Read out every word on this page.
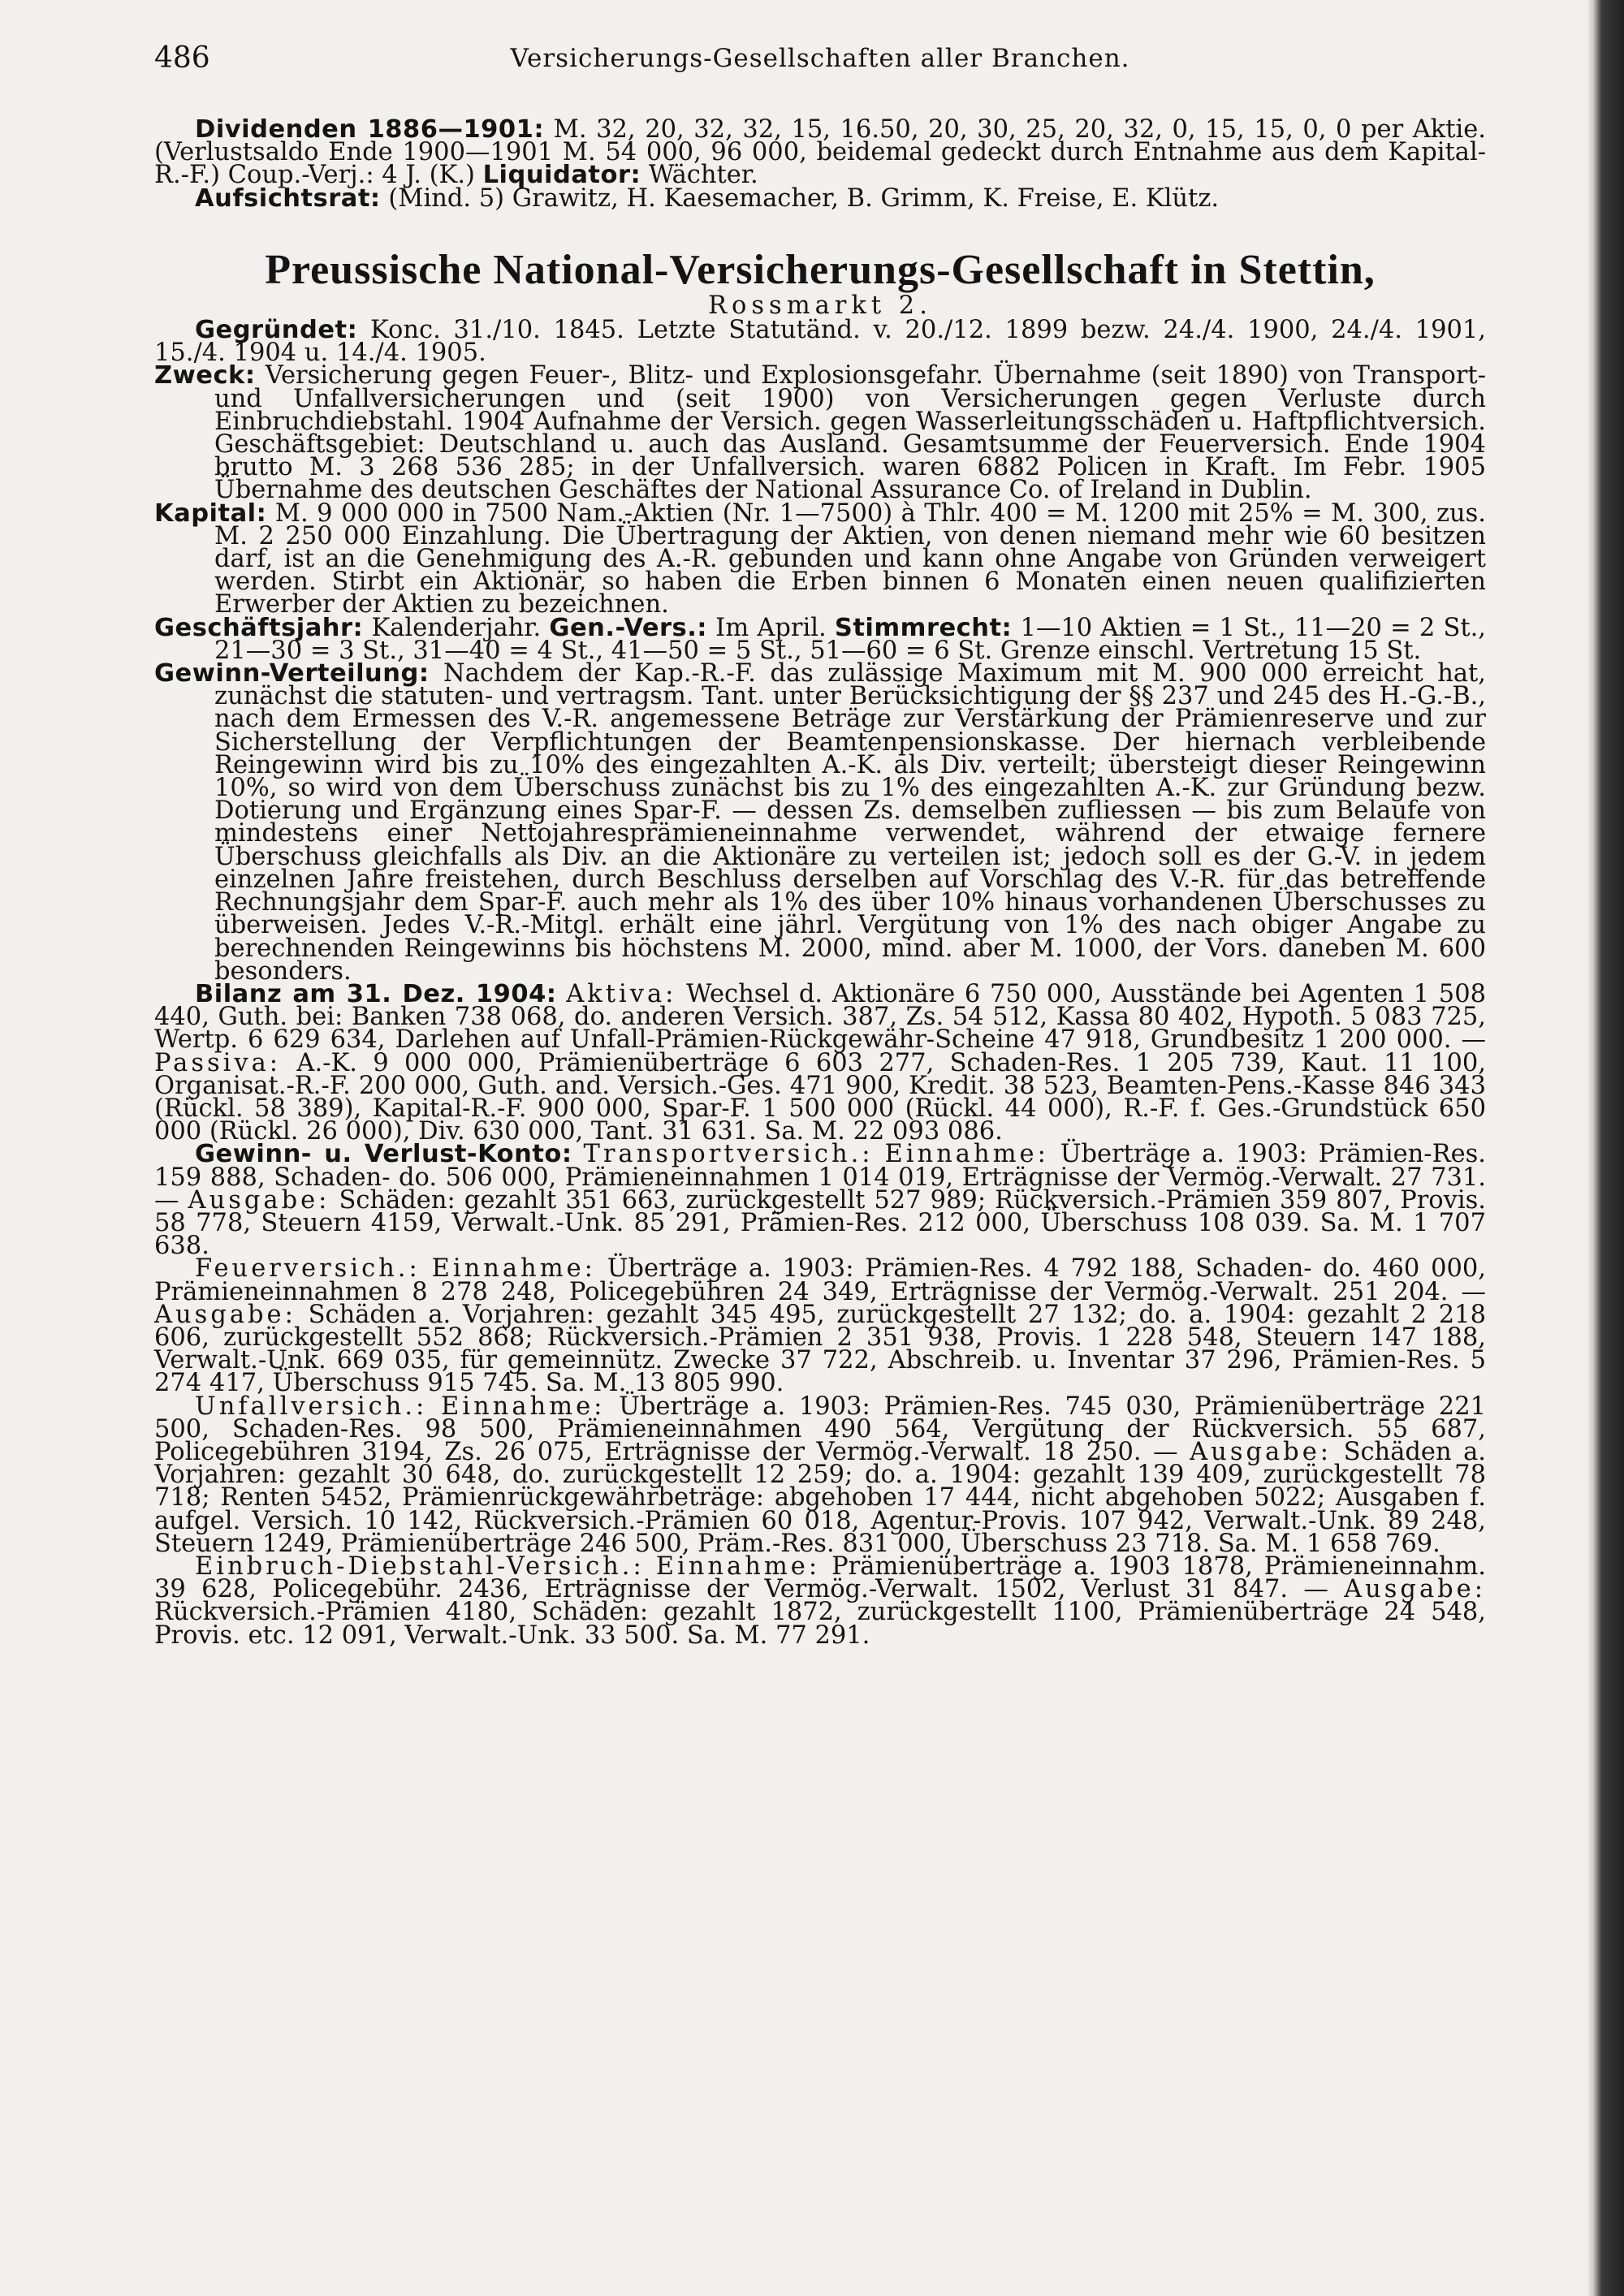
486	Versicherungs-Gesellschaften aller Branchen.

Dividenden 1886—1901: M. 32, 20, 32, 32, 15, 16.50, 20, 30, 25, 20, 32, 0, 15, 15, 0, 0 per Aktie. (Verlustsaldo Ende 1900—1901 M. 54 000, 96 000, beidemal gedeckt durch Entnahme aus dem Kapital-R.-F.) Coup.-Verj.: 4 J. (K.) Liquidator: Wächter.

Aufsichtsrat: (Mind. 5) Grawitz, H. Kaesemacher, B. Grimm, K. Freise, E. Klütz.

Preussische National-Versicherungs-Gesellschaft in Stettin,
Rossmarkt 2.

Gegründet: Konc. 31./10. 1845. Letzte Statutänd. v. 20./12. 1899 bezw. 24./4. 1900, 24./4. 1901, 15./4. 1904 u. 14./4. 1905.

Zweck: Versicherung gegen Feuer-, Blitz- und Explosionsgefahr. Übernahme (seit 1890) von Transport- und Unfallversicherungen und (seit 1900) von Versicherungen gegen Verluste durch Einbruchdiebstahl. 1904 Aufnahme der Versich. gegen Wasserleitungsschäden u. Haftpflichtversich. Geschäftsgebiet: Deutschland u. auch das Ausland. Gesamtsumme der Feuerversich. Ende 1904 brutto M. 3 268 536 285; in der Unfallversich. waren 6882 Policen in Kraft. Im Febr. 1905 Übernahme des deutschen Geschäftes der National Assurance Co. of Ireland in Dublin.

Kapital: M. 9 000 000 in 7500 Nam.-Aktien (Nr. 1—7500) à Thlr. 400 = M. 1200 mit 25% = M. 300, zus. M. 2 250 000 Einzahlung. Die Übertragung der Aktien, von denen niemand mehr wie 60 besitzen darf, ist an die Genehmigung des A.-R. gebunden und kann ohne Angabe von Gründen verweigert werden. Stirbt ein Aktionär, so haben die Erben binnen 6 Monaten einen neuen qualifizierten Erwerber der Aktien zu bezeichnen.

Geschäftsjahr: Kalenderjahr. Gen.-Vers.: Im April. Stimmrecht: 1—10 Aktien = 1 St., 11—20 = 2 St., 21—30 = 3 St., 31—40 = 4 St., 41—50 = 5 St., 51—60 = 6 St. Grenze einschl. Vertretung 15 St.

Gewinn-Verteilung: Nachdem der Kap.-R.-F. das zulässige Maximum mit M. 900 000 erreicht hat, zunächst die statuten- und vertragsm. Tant. unter Berücksichtigung der §§ 237 und 245 des H.-G.-B., nach dem Ermessen des V.-R. angemessene Beträge zur Verstärkung der Prämienreserve und zur Sicherstellung der Verpflichtungen der Beamtenpensionskasse. Der hiernach verbleibende Reingewinn wird bis zu 10% des eingezahlten A.-K. als Div. verteilt; übersteigt dieser Reingewinn 10%, so wird von dem Überschuss zunächst bis zu 1% des eingezahlten A.-K. zur Gründung bezw. Dotierung und Ergänzung eines Spar-F. — dessen Zs. demselben zufliessen — bis zum Belaufe von mindestens einer Nettojahresprämieneinnahme verwendet, während der etwaige fernere Überschuss gleichfalls als Div. an die Aktionäre zu verteilen ist; jedoch soll es der G.-V. in jedem einzelnen Jahre freistehen, durch Beschluss derselben auf Vorschlag des V.-R. für das betreffende Rechnungsjahr dem Spar-F. auch mehr als 1% des über 10% hinaus vorhandenen Überschusses zu überweisen. Jedes V.-R.-Mitgl. erhält eine jährl. Vergütung von 1% des nach obiger Angabe zu berechnenden Reingewinns bis höchstens M. 2000, mind. aber M. 1000, der Vors. daneben M. 600 besonders.

Bilanz am 31. Dez. 1904: Aktiva: Wechsel d. Aktionäre 6 750 000, Ausstände bei Agenten 1 508 440, Guth. bei: Banken 738 068, do. anderen Versich. 387, Zs. 54 512, Kassa 80 402, Hypoth. 5 083 725, Wertp. 6 629 634, Darlehen auf Unfall-Prämien-Rückgewähr-Scheine 47 918, Grundbesitz 1 200 000. — Passiva: A.-K. 9 000 000, Prämienüberträge 6 603 277, Schaden-Res. 1 205 739, Kaut. 11 100, Organisat.-R.-F. 200 000, Guth. and. Versich.-Ges. 471 900, Kredit. 38 523, Beamten-Pens.-Kasse 846 343 (Rückl. 58 389), Kapital-R.-F. 900 000, Spar-F. 1 500 000 (Rückl. 44 000), R.-F. f. Ges.-Grundstück 650 000 (Rückl. 26 000), Div. 630 000, Tant. 31 631. Sa. M. 22 093 086.

Gewinn- u. Verlust-Konto: Transportversich.: Einnahme: Überträge a. 1903: Prämien-Res. 159 888, Schaden- do. 506 000, Prämieneinnahmen 1 014 019, Erträgnisse der Vermög.-Verwalt. 27 731. — Ausgabe: Schäden: gezahlt 351 663, zurückgestellt 527 989; Rückversich.-Prämien 359 807, Provis. 58 778, Steuern 4159, Verwalt.-Unk. 85 291, Prämien-Res. 212 000, Überschuss 108 039. Sa. M. 1 707 638.

Feuerversich.: Einnahme: Überträge a. 1903: Prämien-Res. 4 792 188, Schaden- do. 460 000, Prämieneinnahmen 8 278 248, Policegebühren 24 349, Erträgnisse der Vermög.-Verwalt. 251 204. — Ausgabe: Schäden a. Vorjahren: gezahlt 345 495, zurückgestellt 27 132; do. a. 1904: gezahlt 2 218 606, zurückgestellt 552 868; Rückversich.-Prämien 2 351 938, Provis. 1 228 548, Steuern 147 188, Verwalt.-Unk. 669 035, für gemeinnütz. Zwecke 37 722, Abschreib. u. Inventar 37 296, Prämien-Res. 5 274 417, Überschuss 915 745. Sa. M. 13 805 990.

Unfallversich.: Einnahme: Überträge a. 1903: Prämien-Res. 745 030, Prämienüberträge 221 500, Schaden-Res. 98 500, Prämieneinnahmen 490 564, Vergütung der Rückversich. 55 687, Policegebühren 3194, Zs. 26 075, Erträgnisse der Vermög.-Verwalt. 18 250. — Ausgabe: Schäden a. Vorjahren: gezahlt 30 648, do. zurückgestellt 12 259; do. a. 1904: gezahlt 139 409, zurückgestellt 78 718; Renten 5452, Prämienrückgewährbeträge: abgehoben 17 444, nicht abgehoben 5022; Ausgaben f. aufgel. Versich. 10 142, Rückversich.-Prämien 60 018, Agentur-Provis. 107 942, Verwalt.-Unk. 89 248, Steuern 1249, Prämienüberträge 246 500, Präm.-Res. 831 000, Überschuss 23 718. Sa. M. 1 658 769.

Einbruch-Diebstahl-Versich.: Einnahme: Prämienüberträge a. 1903 1878, Prämieneinnahm. 39 628, Policegebühr. 2436, Erträgnisse der Vermög.-Verwalt. 1502, Verlust 31 847. — Ausgabe: Rückversich.-Prämien 4180, Schäden: gezahlt 1872, zurückgestellt 1100, Prämienüberträge 24 548, Provis. etc. 12 091, Verwalt.-Unk. 33 500. Sa. M. 77 291.
